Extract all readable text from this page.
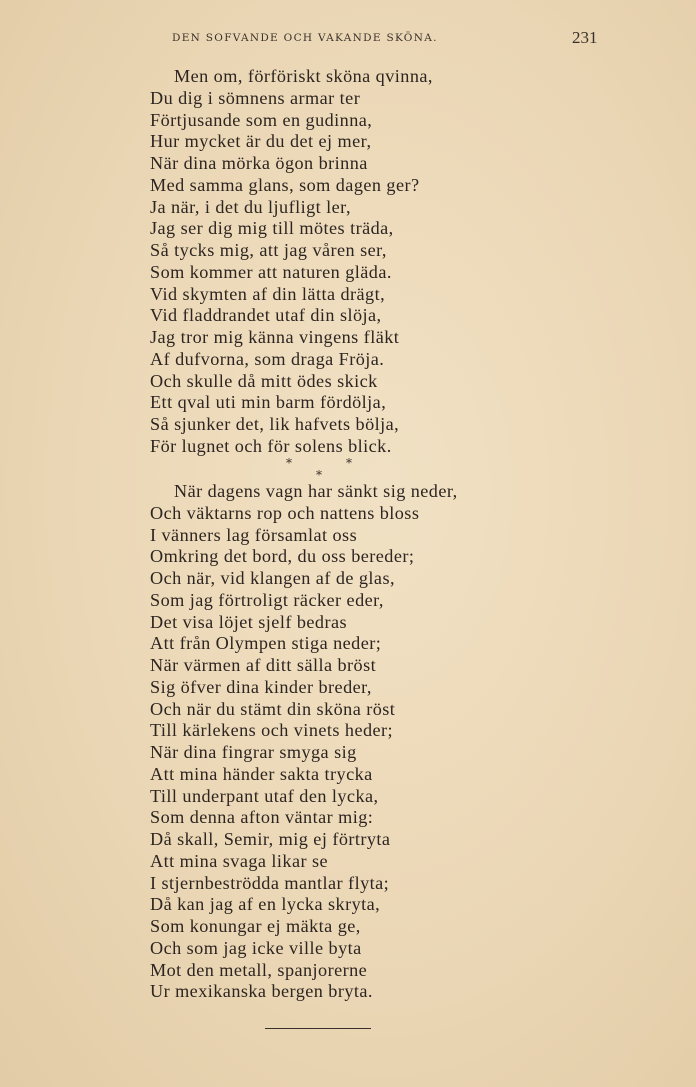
DEN SOFVANDE OCH VAKANDE SKÖNA.	231
Men om, förföriskt sköna qvinna,
Du dig i sömnens armar ter
Förtjusande som en gudinna,
Hur mycket är du det ej mer,
När dina mörka ögon brinna
Med samma glans, som dagen ger?
Ja när, i det du ljufligt ler,
Jag ser dig mig till mötes träda,
Så tycks mig, att jag våren ser,
Som kommer att naturen gläda.
Vid skymten af din lätta drägt,
Vid fladdrandet utaf din slöja,
Jag tror mig känna vingens fläkt
Af dufvorna, som draga Fröja.
Och skulle då mitt ödes skick
Ett qval uti min barm fördölja,
Så sjunker det, lik hafvets bölja,
För lugnet och för solens blick.
*
*
*
När dagens vagn har sänkt sig neder,
Och väktarns rop och nattens bloss
I vänners lag församlat oss
Omkring det bord, du oss bereder;
Och när, vid klangen af de glas,
Som jag förtroligt räcker eder,
Det visa löjet sjelf bedras
Att från Olympen stiga neder;
När värmen af ditt sälla bröst
Sig öfver dina kinder breder,
Och när du stämt din sköna röst
Till kärlekens och vinets heder;
När dina fingrar smyga sig
Att mina händer sakta trycka
Till underpant utaf den lycka,
Som denna afton väntar mig:
Då skall, Semir, mig ej förtryta
Att mina svaga likar se
I stjernbeströdda mantlar flyta;
Då kan jag af en lycka skryta,
Som konungar ej mäkta ge,
Och som jag icke ville byta
Mot den metall, spanjorerne
Ur mexikanska bergen bryta.
